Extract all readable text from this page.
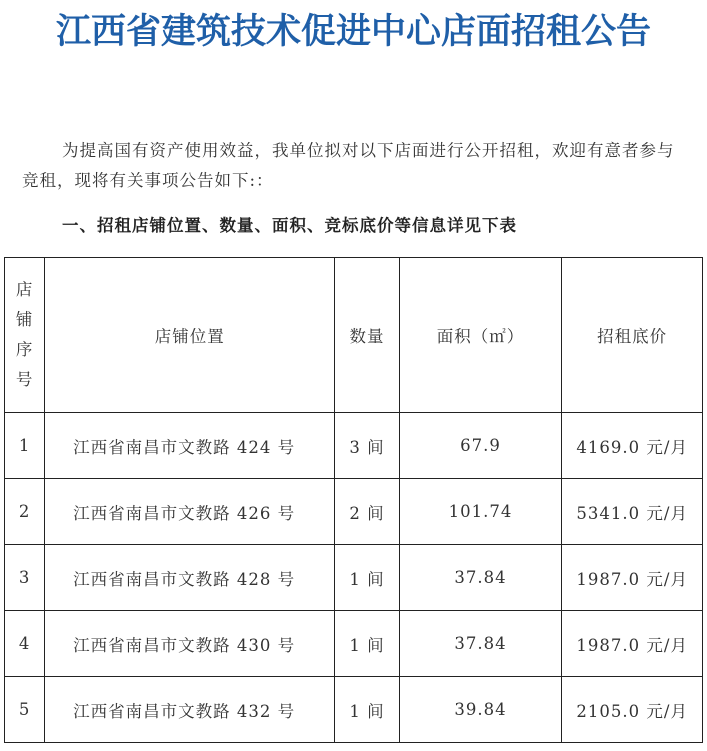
江西省建筑技术促进中心店面招租公告

为提高国有资产使用效益，我单位拟对以下店面进行公开招租，欢迎有意者参与竞租，现将有关事项公告如下:：

一、招租店铺位置、数量、面积、竞标底价等信息详见下表

店铺序号	店铺位置	数量	面积（㎡）	招租底价
1	江西省南昌市文教路 424 号	3 间	67.9	4169.0 元/月
2	江西省南昌市文教路 426 号	2 间	101.74	5341.0 元/月
3	江西省南昌市文教路 428 号	1 间	37.84	1987.0 元/月
4	江西省南昌市文教路 430 号	1 间	37.84	1987.0 元/月
5	江西省南昌市文教路 432 号	1 间	39.84	2105.0 元/月
